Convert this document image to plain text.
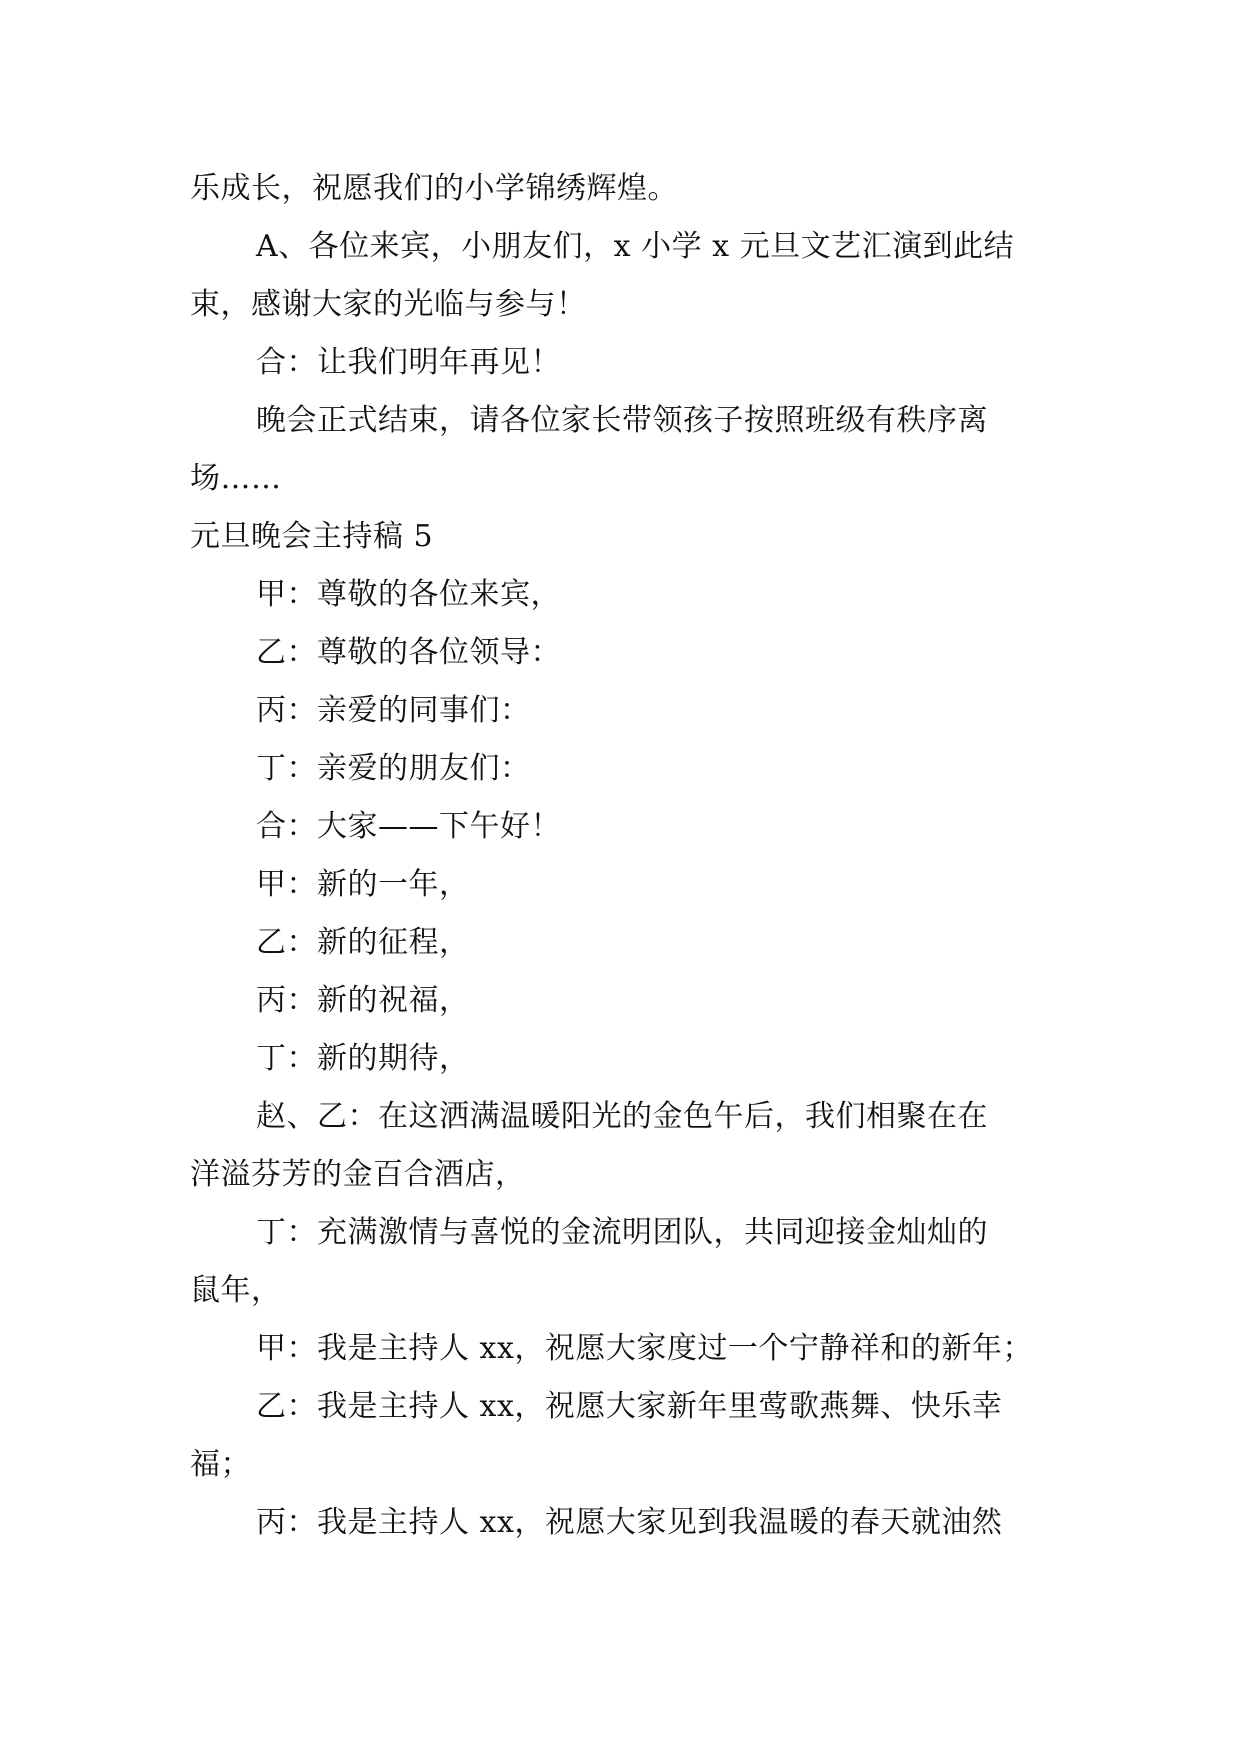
乐成长，祝愿我们的小学锦绣辉煌。
A、各位来宾，小朋友们，x 小学 x 元旦文艺汇演到此结
束，感谢大家的光临与参与！
合：让我们明年再见！
晚会正式结束，请各位家长带领孩子按照班级有秩序离
场……
元旦晚会主持稿 5
甲：尊敬的各位来宾，
乙：尊敬的各位领导：
丙：亲爱的同事们：
丁：亲爱的朋友们：
合：大家——下午好！
甲：新的一年，
乙：新的征程，
丙：新的祝福，
丁：新的期待，
赵、乙：在这洒满温暖阳光的金色午后，我们相聚在在
洋溢芬芳的金百合酒店，
丁：充满激情与喜悦的金流明团队，共同迎接金灿灿的
鼠年，
甲：我是主持人 xx，祝愿大家度过一个宁静祥和的新年；
乙：我是主持人 xx，祝愿大家新年里莺歌燕舞、快乐幸
福；
丙：我是主持人 xx，祝愿大家见到我温暖的春天就油然
